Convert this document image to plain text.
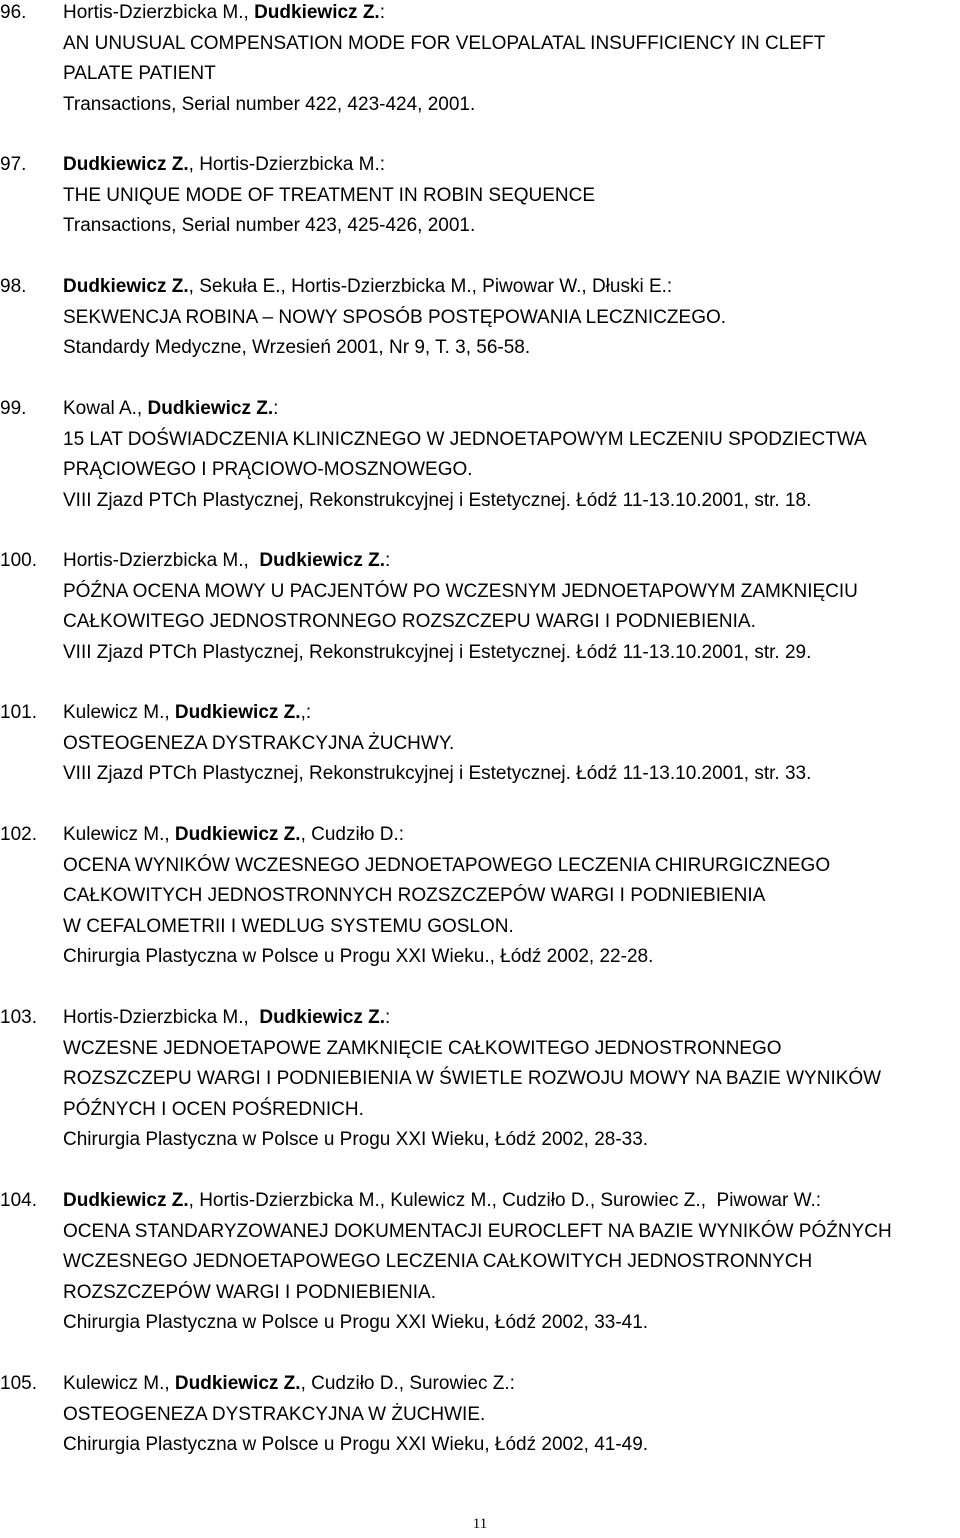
96. Hortis-Dzierzbicka M., Dudkiewicz Z.:
AN UNUSUAL COMPENSATION MODE FOR VELOPALATAL INSUFFICIENCY IN CLEFT
PALATE PATIENT
Transactions, Serial number 422, 423-424, 2001.
97. Dudkiewicz Z., Hortis-Dzierzbicka M.:
THE UNIQUE MODE OF TREATMENT IN ROBIN SEQUENCE
Transactions, Serial number 423, 425-426, 2001.
98. Dudkiewicz Z., Sekuła E., Hortis-Dzierzbicka M., Piwowar W., Dłuski E.:
SEKWENCJA ROBINA – NOWY SPOSÓB POSTĘPOWANIA LECZNICZEGO.
Standardy Medyczne, Wrzesień 2001, Nr 9, T. 3, 56-58.
99. Kowal A., Dudkiewicz Z.:
15 LAT DOŚWIADCZENIA KLINICZNEGO W JEDNOETAPOWYM LECZENIU SPODZIECTWA
PRĄCIOWEGO I PRĄCIOWO-MOSZNOWEGO.
VIII Zjazd PTCh Plastycznej, Rekonstrukcyjnej i Estetycznej. Łódź 11-13.10.2001, str. 18.
100. Hortis-Dzierzbicka M.,  Dudkiewicz Z.:
PÓŹNA OCENA MOWY U PACJENTÓW PO WCZESNYM JEDNOETAPOWYM ZAMKNIĘCIU
CAŁKOWITEGO JEDNOSTRONNEGO ROZSZCZEPU WARGI I PODNIEBIENIA.
VIII Zjazd PTCh Plastycznej, Rekonstrukcyjnej i Estetycznej. Łódź 11-13.10.2001, str. 29.
101. Kulewicz M., Dudkiewicz Z.,:
OSTEOGENEZA DYSTRAKCYJNA ŻUCHWY.
VIII Zjazd PTCh Plastycznej, Rekonstrukcyjnej i Estetycznej. Łódź 11-13.10.2001, str. 33.
102. Kulewicz M., Dudkiewicz Z., Cudziło D.:
OCENA WYNIKÓW WCZESNEGO JEDNOETAPOWEGO LECZENIA CHIRURGICZNEGO
CAŁKOWITYCH JEDNOSTRONNYCH ROZSZCZEPÓW WARGI I PODNIEBIENIA
W CEFALOMETRII I WEDLUG SYSTEMU GOSLON.
Chirurgia Plastyczna w Polsce u Progu XXI Wieku., Łódź 2002, 22-28.
103. Hortis-Dzierzbicka M.,  Dudkiewicz Z.:
WCZESNE JEDNOETAPOWE ZAMKNIĘCIE CAŁKOWITEGO JEDNOSTRONNEGO
ROZSZCZEPU WARGI I PODNIEBIENIA W ŚWIETLE ROZWOJU MOWY NA BAZIE WYNIKÓW
PÓŹNYCH I OCEN POŚREDNICH.
Chirurgia Plastyczna w Polsce u Progu XXI Wieku, Łódź 2002, 28-33.
104. Dudkiewicz Z., Hortis-Dzierzbicka M., Kulewicz M., Cudziło D., Surowiec Z.,  Piwowar W.:
OCENA STANDARYZOWANEJ DOKUMENTACJI EUROCLEFT NA BAZIE WYNIKÓW PÓŹNYCH
WCZESNEGO JEDNOETAPOWEGO LECZENIA CAŁKOWITYCH JEDNOSTRONNYCH
ROZSZCZEPÓW WARGI I PODNIEBIENIA.
Chirurgia Plastyczna w Polsce u Progu XXI Wieku, Łódź 2002, 33-41.
105. Kulewicz M., Dudkiewicz Z., Cudziło D., Surowiec Z.:
OSTEOGENEZA DYSTRAKCYJNA W ŻUCHWIE.
Chirurgia Plastyczna w Polsce u Progu XXI Wieku, Łódź 2002, 41-49.
11
